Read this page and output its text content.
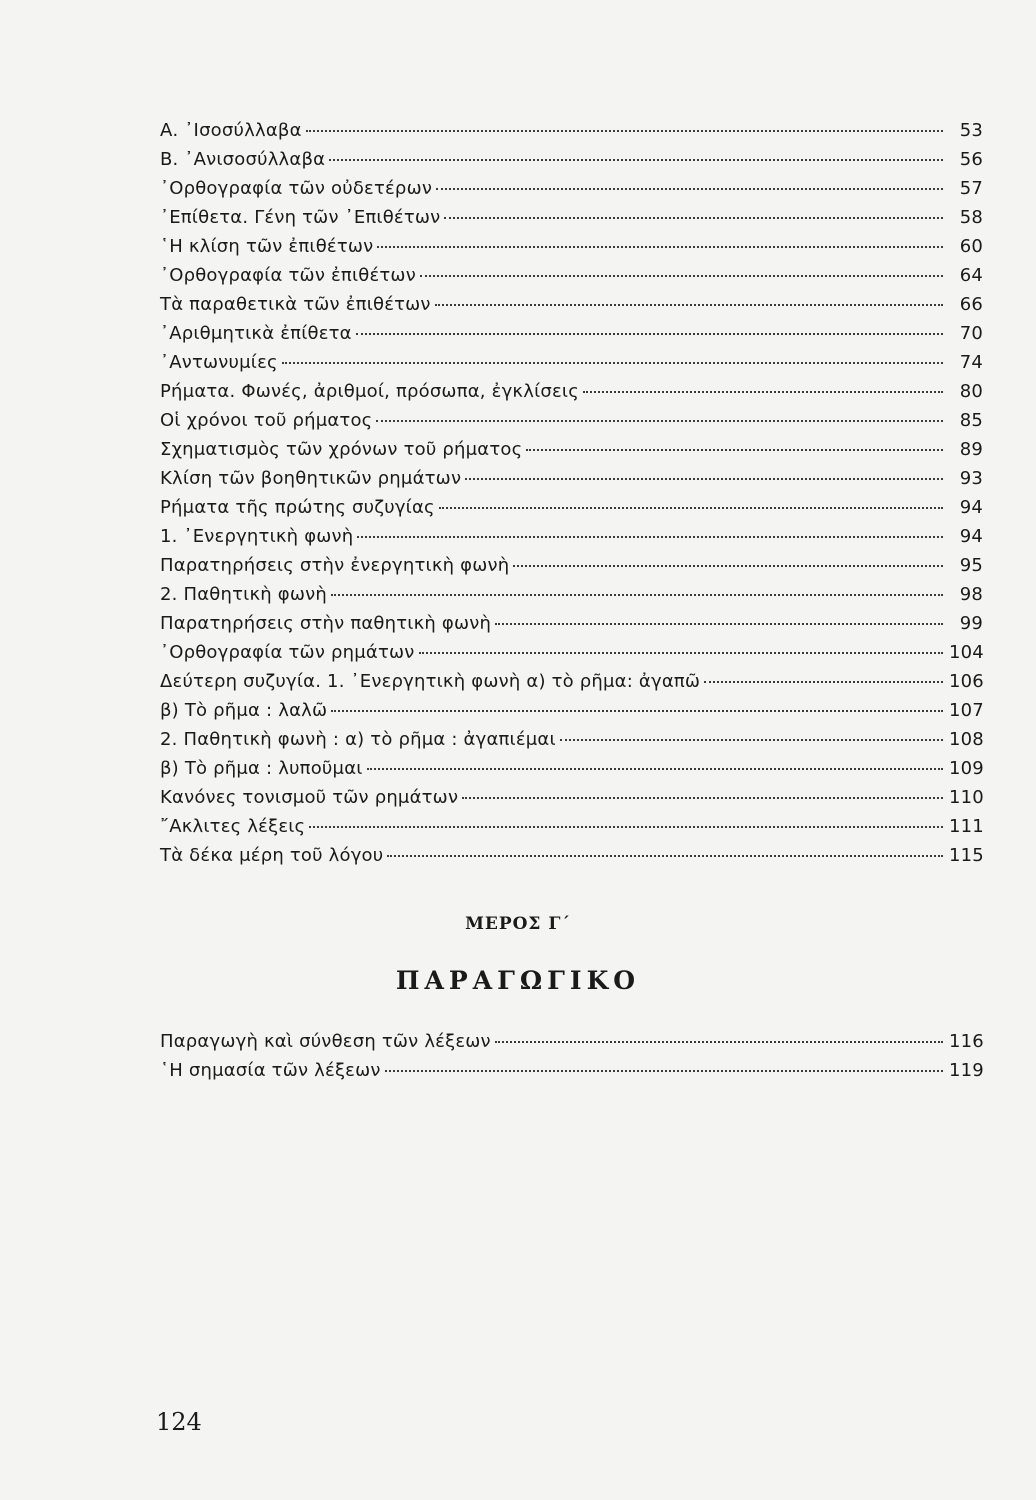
Α. ᾽Ισοσύλλαβα	53
Β. ᾽Ανισοσύλλαβα	56
᾽Ορθογραφία τῶν οὐδετέρων	57
᾽Επίθετα. Γένη τῶν ᾽Επιθέτων	58
῾Η κλίση τῶν ἐπιθέτων	60
᾽Ορθογραφία τῶν ἐπιθέτων	64
Τὰ παραθετικὰ τῶν ἐπιθέτων	66
᾽Αριθμητικὰ ἐπίθετα	70
᾽Αντωνυμίες	74
Ρήματα. Φωνές, ἀριθμοί, πρόσωπα, ἐγκλίσεις	80
Οἱ χρόνοι τοῦ ρήματος	85
Σχηματισμὸς τῶν χρόνων τοῦ ρήματος	89
Κλίση τῶν βοηθητικῶν ρημάτων	93
Ρήματα τῆς πρώτης συζυγίας	94
1. ᾽Ενεργητικὴ φωνὴ	94
Παρατηρήσεις στὴν ἐνεργητικὴ φωνὴ	95
2. Παθητικὴ φωνὴ	98
Παρατηρήσεις στὴν παθητικὴ φωνὴ	99
᾽Ορθογραφία τῶν ρημάτων	104
Δεύτερη συζυγία. 1. ᾽Ενεργητικὴ φωνὴ α) τὸ ρῆμα: ἀγαπῶ	106
β) Τὸ ρῆμα : λαλῶ	107
2. Παθητικὴ φωνὴ : α) τὸ ρῆμα : ἀγαπιέμαι	108
β) Τὸ ρῆμα : λυποῦμαι	109
Κανόνες τονισμοῦ τῶν ρημάτων	110
῎Ακλιτες λέξεις	111
Τὰ δέκα μέρη τοῦ λόγου	115
ΜΕΡΟΣ Γ΄
ΠΑΡΑΓΩΓΙΚΟ
Παραγωγὴ καὶ σύνθεση τῶν λέξεων	116
῾Η σημασία τῶν λέξεων	119
124
